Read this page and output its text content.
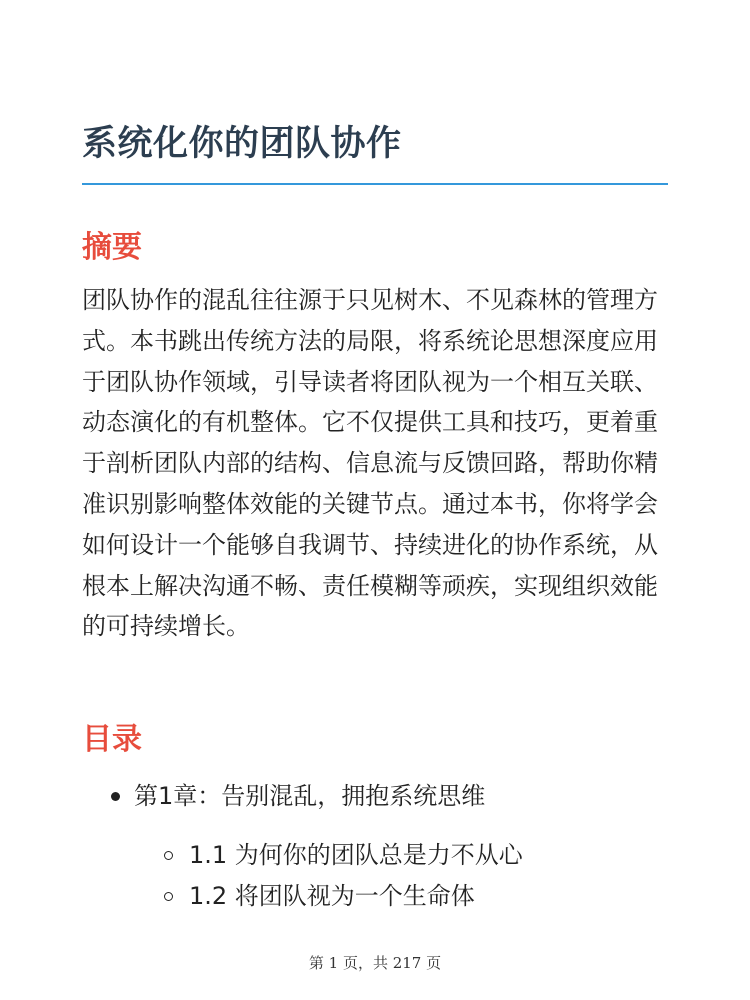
系统化你的团队协作
摘要

团队协作的混乱往往源于只见树木、不见森林的管理方式。本书跳出传统方法的局限，将系统论思想深度应用于团队协作领域，引导读者将团队视为一个相互关联、动态演化的有机整体。它不仅提供工具和技巧，更着重于剖析团队内部的结构、信息流与反馈回路，帮助你精准识别影响整体效能的关键节点。通过本书，你将学会如何设计一个能够自我调节、持续进化的协作系统，从根本上解决沟通不畅、责任模糊等顽疾，实现组织效能的可持续增长。

目录
第1章：告别混乱，拥抱系统思维
1.1 为何你的团队总是力不从心
1.2 将团队视为一个生命体
第 1 页，共 217 页
